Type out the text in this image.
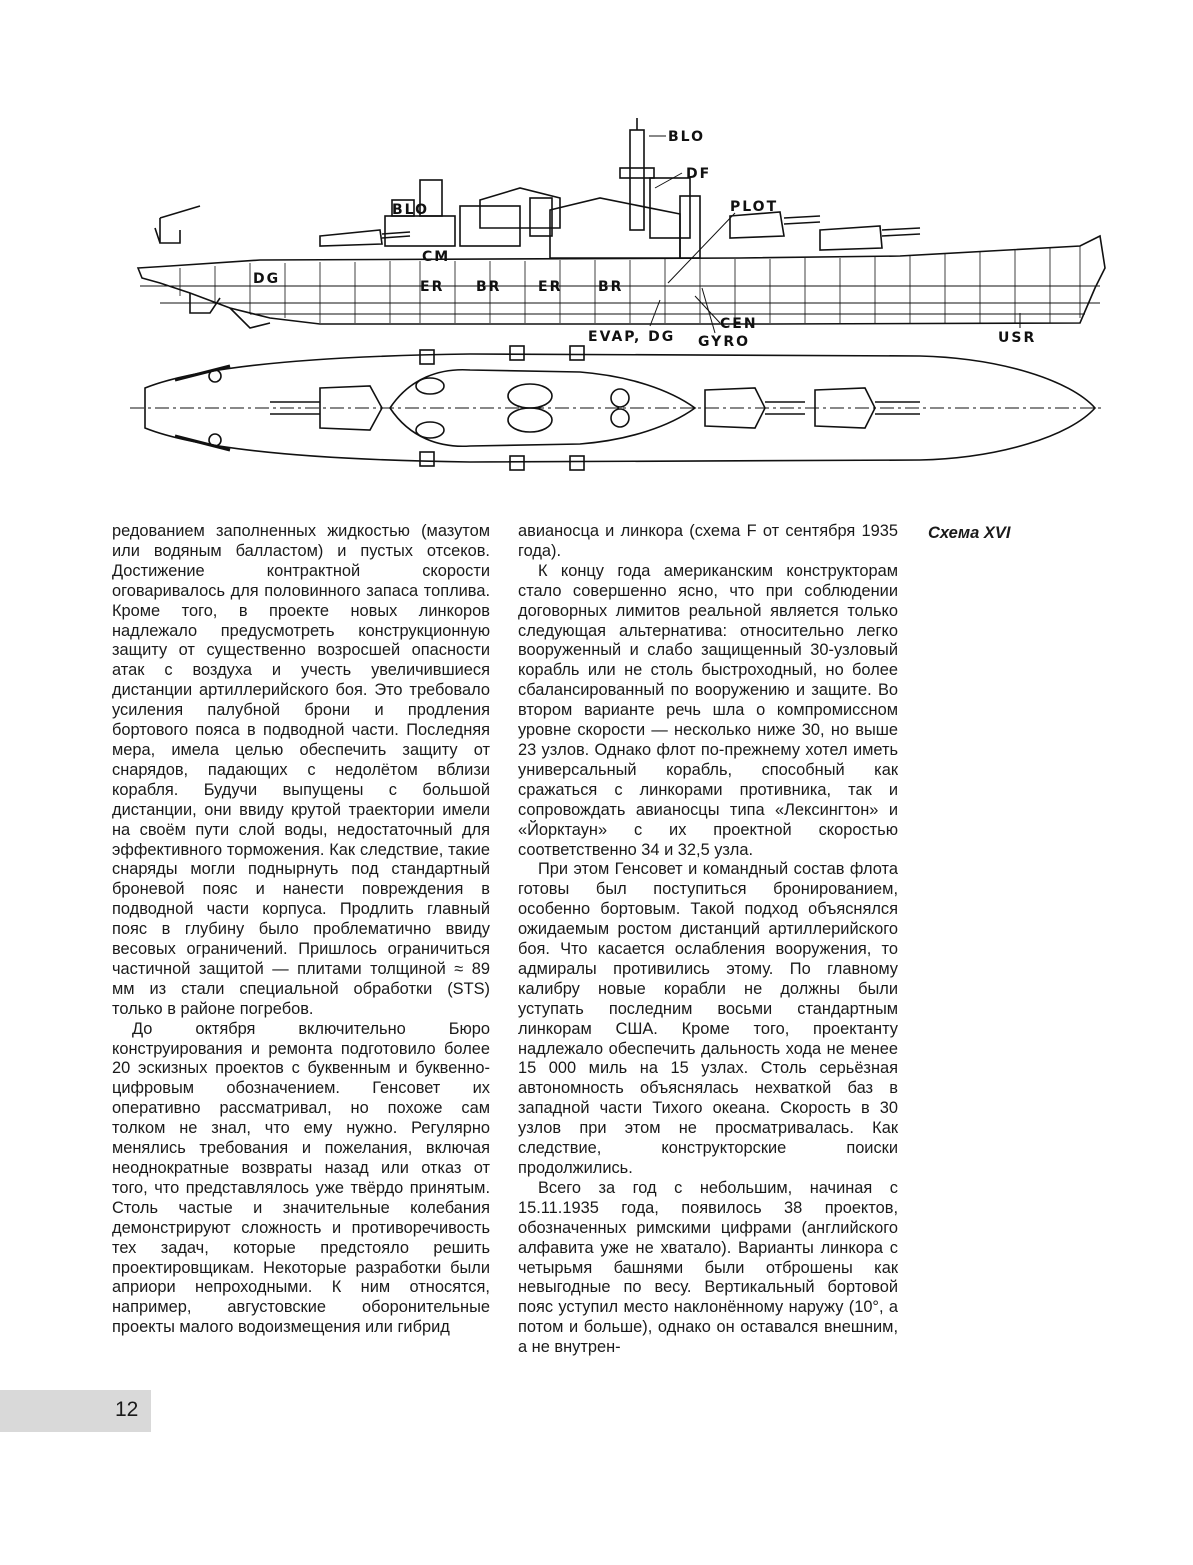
BLO
DF
PLOT
BLO
CM
DG	ER BR	ER	BR
EVAP, DG
CEN
GYRO	USR

редованием заполненных жидкостью (мазутом или водяным балластом) и пустых отсеков. Достижение контрактной скорости оговаривалось для половинного запаса топлива. Кроме того, в проекте новых линкоров надлежало предусмотреть конструкционную защиту от существенно возросшей опасности атак с воздуха и учесть увеличившиеся дистанции артиллерийского боя. Это требовало усиления палубной брони и продления бортового пояса в подводной части. Последняя мера, имела целью обеспечить защиту от снарядов, падающих с недолётом вблизи корабля. Будучи выпущены с большой дистанции, они ввиду крутой траектории имели на своём пути слой воды, недостаточный для эффективного торможения. Как следствие, такие снаряды могли поднырнуть под стандартный броневой пояс и нанести повреждения в подводной части корпуса. Продлить главный пояс в глубину было проблематично ввиду весовых ограничений. Пришлось ограничиться частичной защитой — плитами толщиной ≈ 89 мм из стали специальной обработки (STS) только в районе погребов.

До октября включительно Бюро конструирования и ремонта подготовило более 20 эскизных проектов с буквенным и буквенно-цифровым обозначением. Генсовет их оперативно рассматривал, но похоже сам толком не знал, что ему нужно. Регулярно менялись требования и пожелания, включая неоднократные возвраты назад или отказ от того, что представлялось уже твёрдо принятым. Столь частые и значительные колебания демонстрируют сложность и противоречивость тех задач, которые предстояло решить проектировщикам. Некоторые разработки были априори непроходными. К ним относятся, например, августовские оборонительные проекты малого водоизмещения или гибрид

авианосца и линкора (схема F от сентября 1935 года).

К концу года американским конструкторам стало совершенно ясно, что при соблюдении договорных лимитов реальной является только следующая альтернатива: относительно легко вооруженный и слабо защищенный 30-узловый корабль или не столь быстроходный, но более сбалансированный по вооружению и защите. Во втором варианте речь шла о компромиссном уровне скорости — несколько ниже 30, но выше 23 узлов. Однако флот по-прежнему хотел иметь универсальный корабль, способный как сражаться с линкорами противника, так и сопровождать авианосцы типа «Лексингтон» и «Йорктаун» с их проектной скоростью соответственно 34 и 32,5 узла.

При этом Генсовет и командный состав флота готовы был поступиться бронированием, особенно бортовым. Такой подход объяснялся ожидаемым ростом дистанций артиллерийского боя. Что касается ослабления вооружения, то адмиралы противились этому. По главному калибру новые корабли не должны были уступать последним восьми стандартным линкорам США. Кроме того, проектанту надлежало обеспечить дальность хода не менее 15 000 миль на 15 узлах. Столь серьёзная автономность объяснялась нехваткой баз в западной части Тихого океана. Скорость в 30 узлов при этом не просматривалась. Как следствие, конструкторские поиски продолжились.

Всего за год с небольшим, начиная с 15.11.1935 года, появилось 38 проектов, обозначенных римскими цифрами (английского алфавита уже не хватало). Варианты линкора с четырьмя башнями были отброшены как невыгодные по весу. Вертикальный бортовой пояс уступил место наклонённому наружу (10°, а потом и больше), однако он оставался внешним, а не внутрен-

Схема XVI
12
